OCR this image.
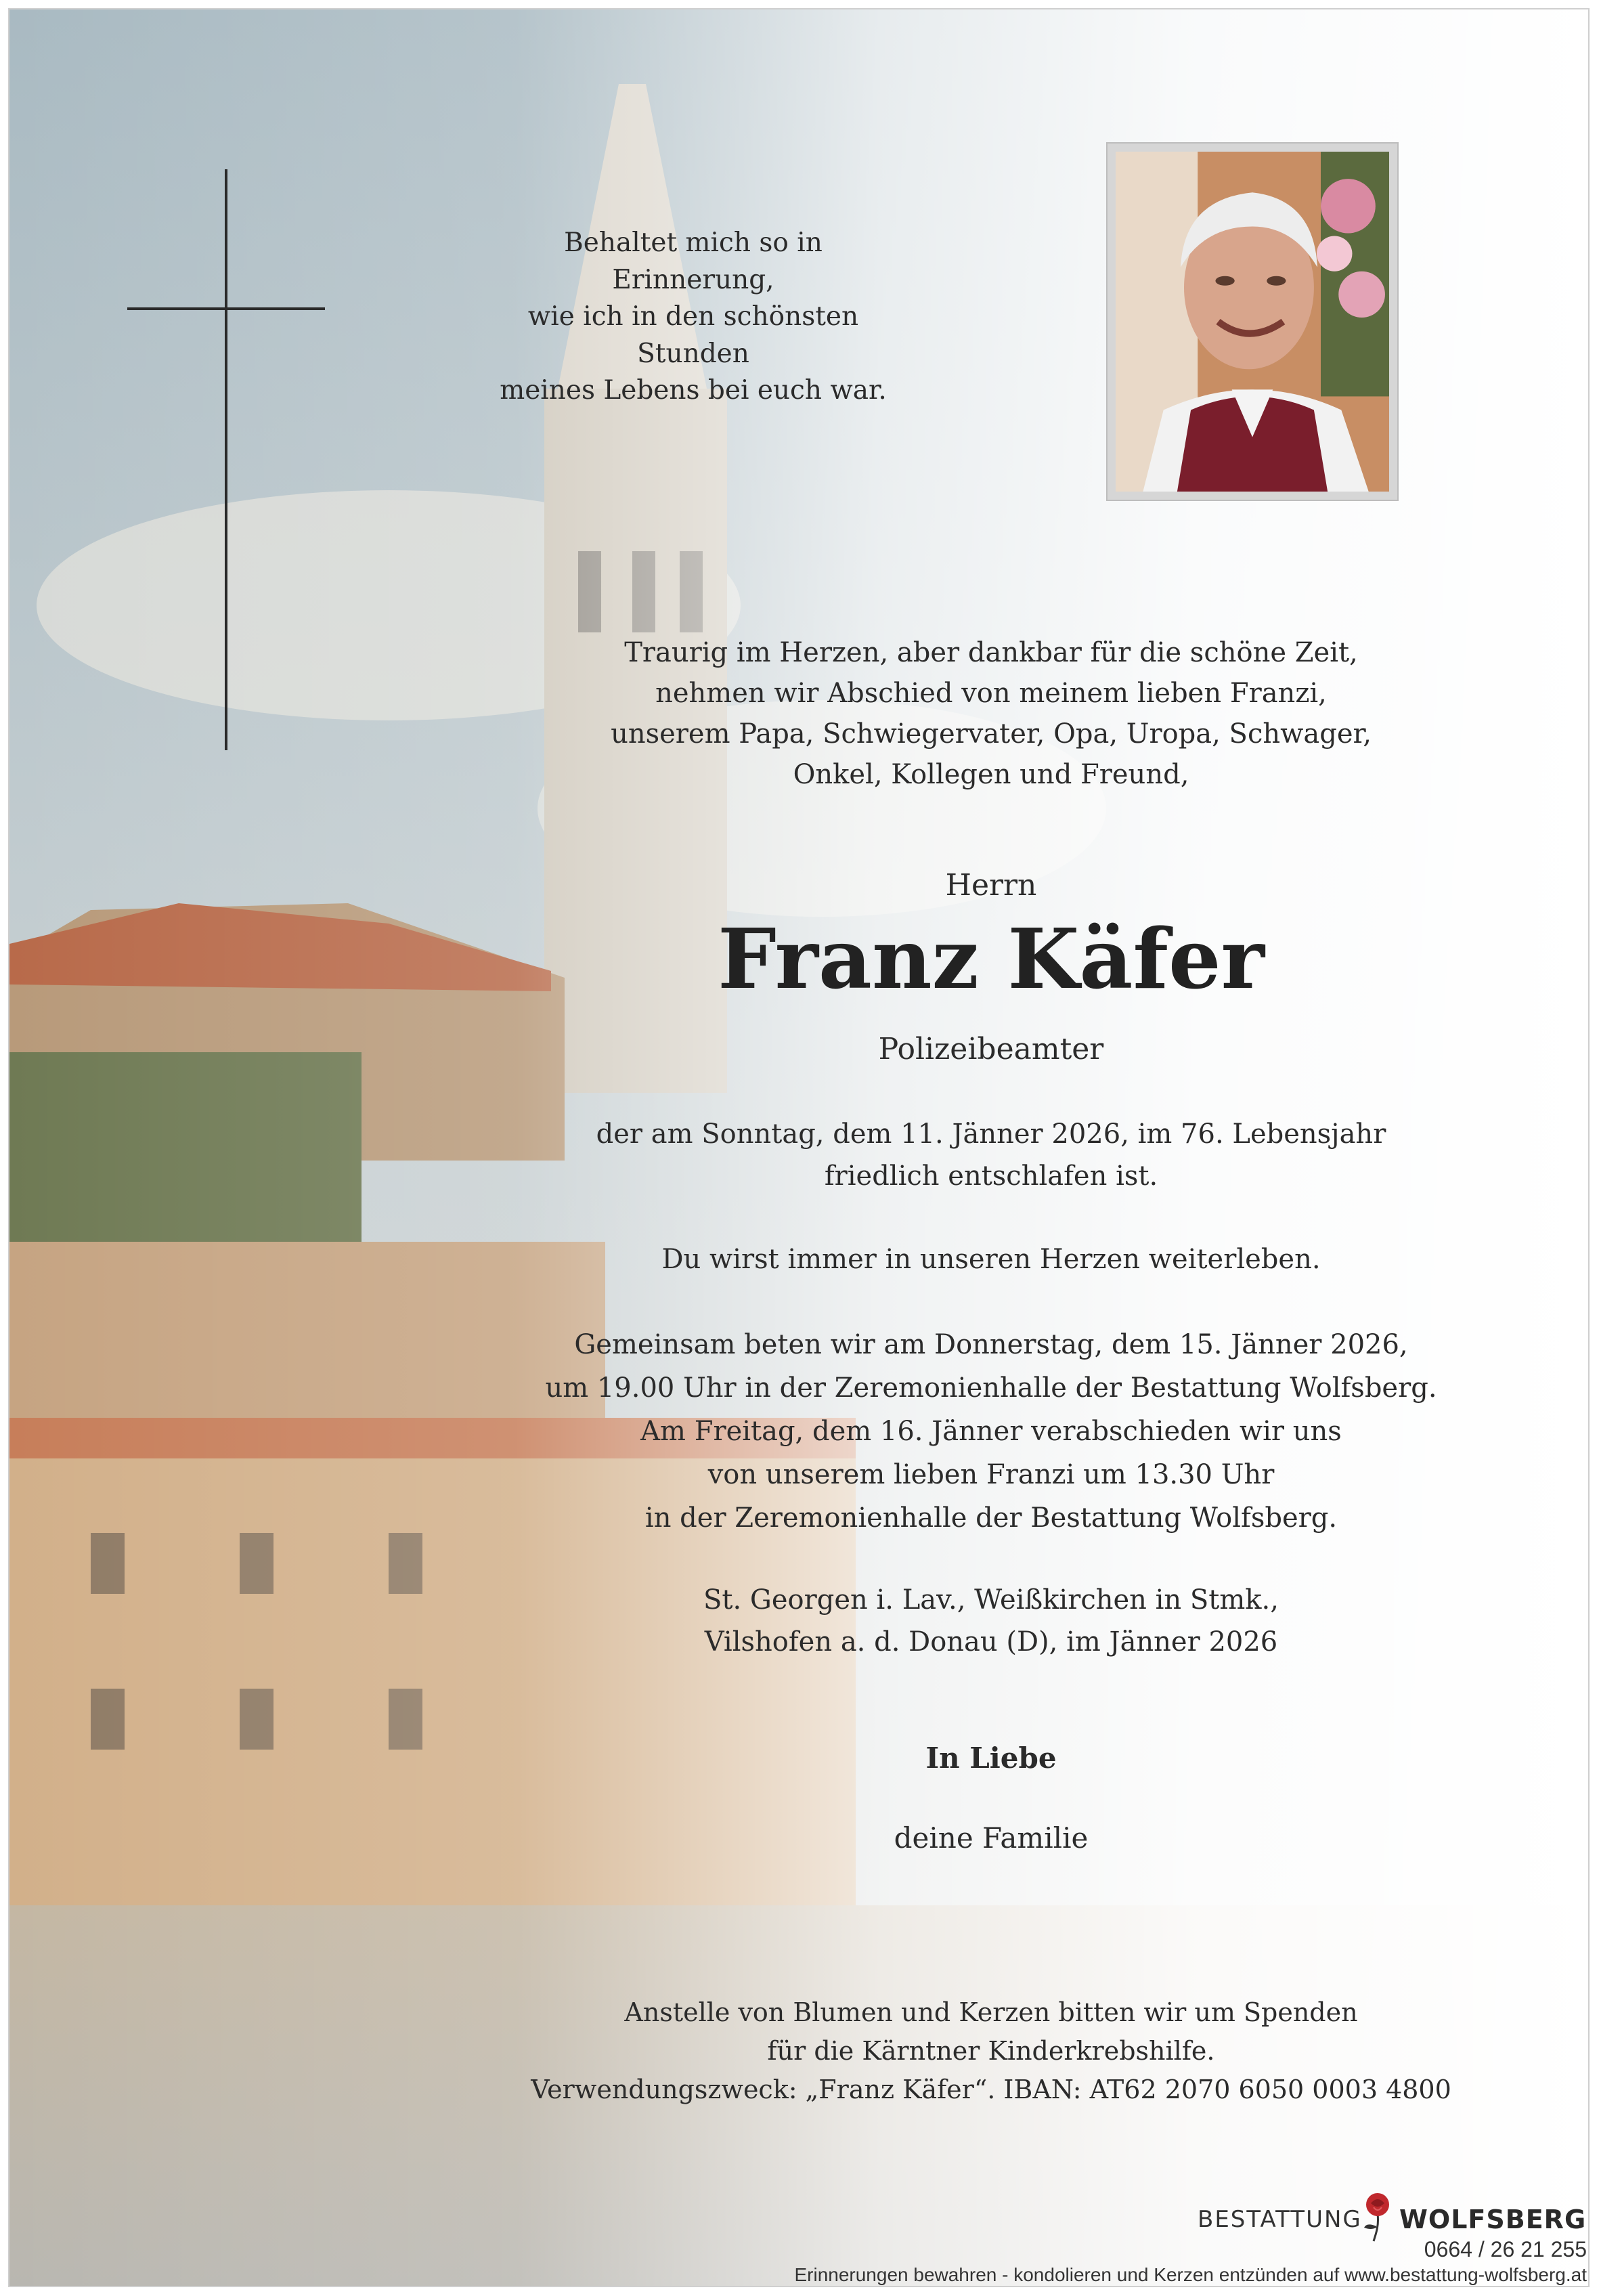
Behaltet mich so in Erinnerung,
wie ich in den schönsten Stunden
meines Lebens bei euch war.
Traurig im Herzen, aber dankbar für die schöne Zeit,
nehmen wir Abschied von meinem lieben Franzi,
unserem Papa, Schwiegervater, Opa, Uropa, Schwager,
Onkel, Kollegen und Freund,
Herrn
Franz Käfer
Polizeibeamter
der am Sonntag, dem 11. Jänner 2026, im 76. Lebensjahr
friedlich entschlafen ist.
Du wirst immer in unseren Herzen weiterleben.
Gemeinsam beten wir am Donnerstag, dem 15. Jänner 2026,
um 19.00 Uhr in der Zeremonienhalle der Bestattung Wolfsberg.
Am Freitag, dem 16. Jänner verabschieden wir uns
von unserem lieben Franzi um 13.30 Uhr
in der Zeremonienhalle der Bestattung Wolfsberg.
St. Georgen i. Lav., Weißkirchen in Stmk.,
Vilshofen a. d. Donau (D), im Jänner 2026
In Liebe
deine Familie
Anstelle von Blumen und Kerzen bitten wir um Spenden
für die Kärntner Kinderkrebshilfe.
Verwendungszweck: „Franz Käfer“. IBAN: AT62 2070 6050 0003 4800
BESTATTUNG WOLFSBERG
0664 / 26 21 255
Erinnerungen bewahren - kondolieren und Kerzen entzünden auf www.bestattung-wolfsberg.at
